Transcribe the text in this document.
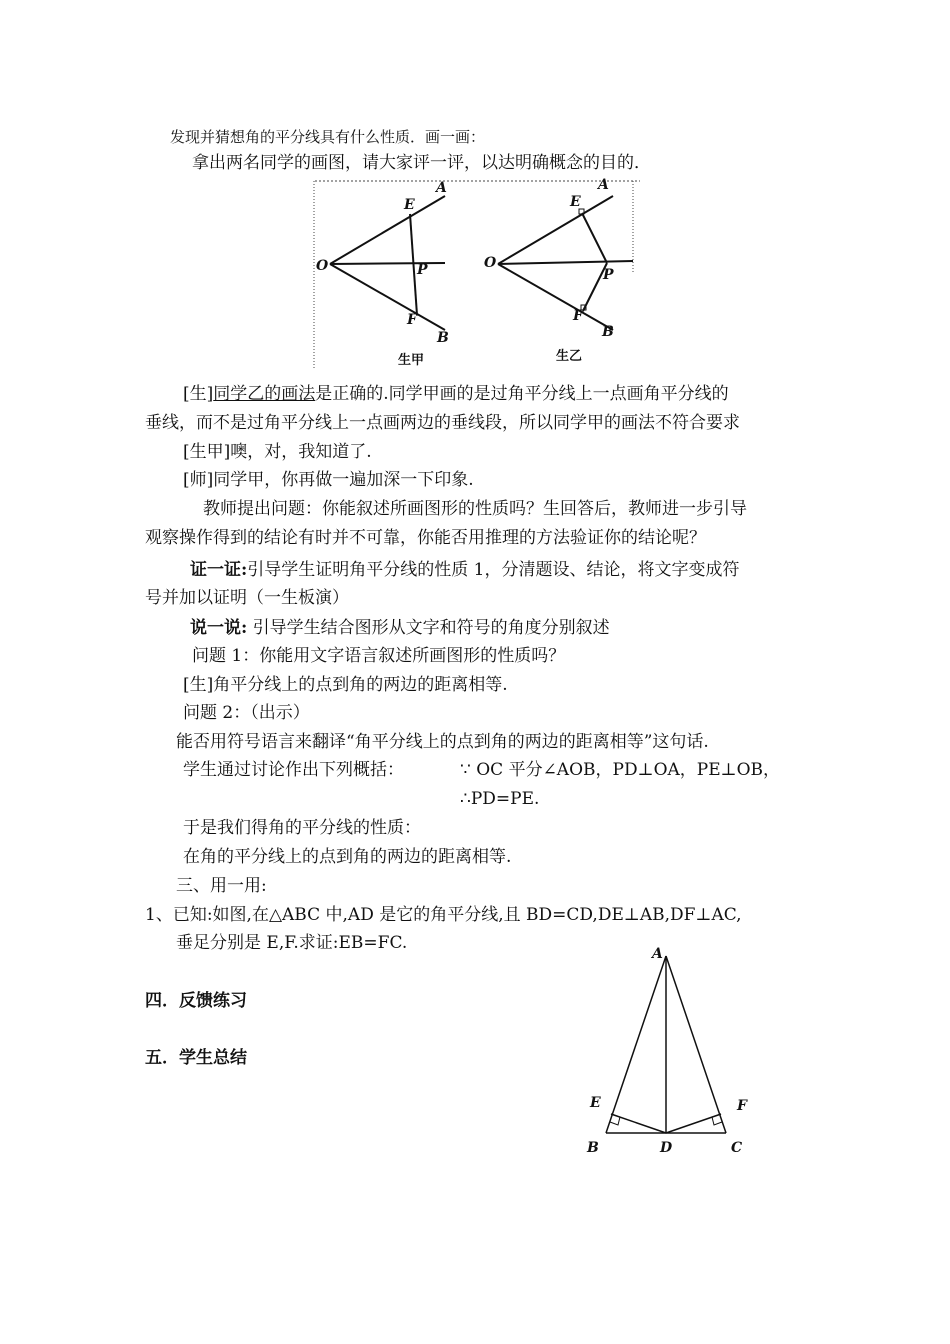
发现并猜想角的平分线具有什么性质．画一画：
拿出两名同学的画图，请大家评一评，以达明确概念的目的．
O
A
E
P
F
B
生甲
O
A
E
P
F
B
生乙
[生]同学乙的画法是正确的.同学甲画的是过角平分线上一点画角平分线的
垂线，而不是过角平分线上一点画两边的垂线段，所以同学甲的画法不符合要求
[生甲]噢，对，我知道了.
[师]同学甲，你再做一遍加深一下印象.
教师提出问题：你能叙述所画图形的性质吗？生回答后，教师进一步引导
观察操作得到的结论有时并不可靠，你能否用推理的方法验证你的结论呢？
证一证:引导学生证明角平分线的性质 1，分清题设、结论，将文字变成符
号并加以证明（一生板演）
说一说: 引导学生结合图形从文字和符号的角度分别叙述
问题 1：你能用文字语言叙述所画图形的性质吗？
[生]角平分线上的点到角的两边的距离相等.
问题 2：（出示）
能否用符号语言来翻译“角平分线上的点到角的两边的距离相等”这句话.
学生通过讨论作出下列概括：	∵ OC 平分∠AOB，PD⊥OA，PE⊥OB，
∴PD=PE.
于是我们得角的平分线的性质：
在角的平分线上的点到角的两边的距离相等.
三、用一用:
1、已知:如图,在△ABC 中,AD 是它的角平分线,且 BD=CD,DE⊥AB,DF⊥AC,
垂足分别是 E,F.求证:EB=FC.
四．反馈练习
五．学生总结
A
E	F
B	D	C
